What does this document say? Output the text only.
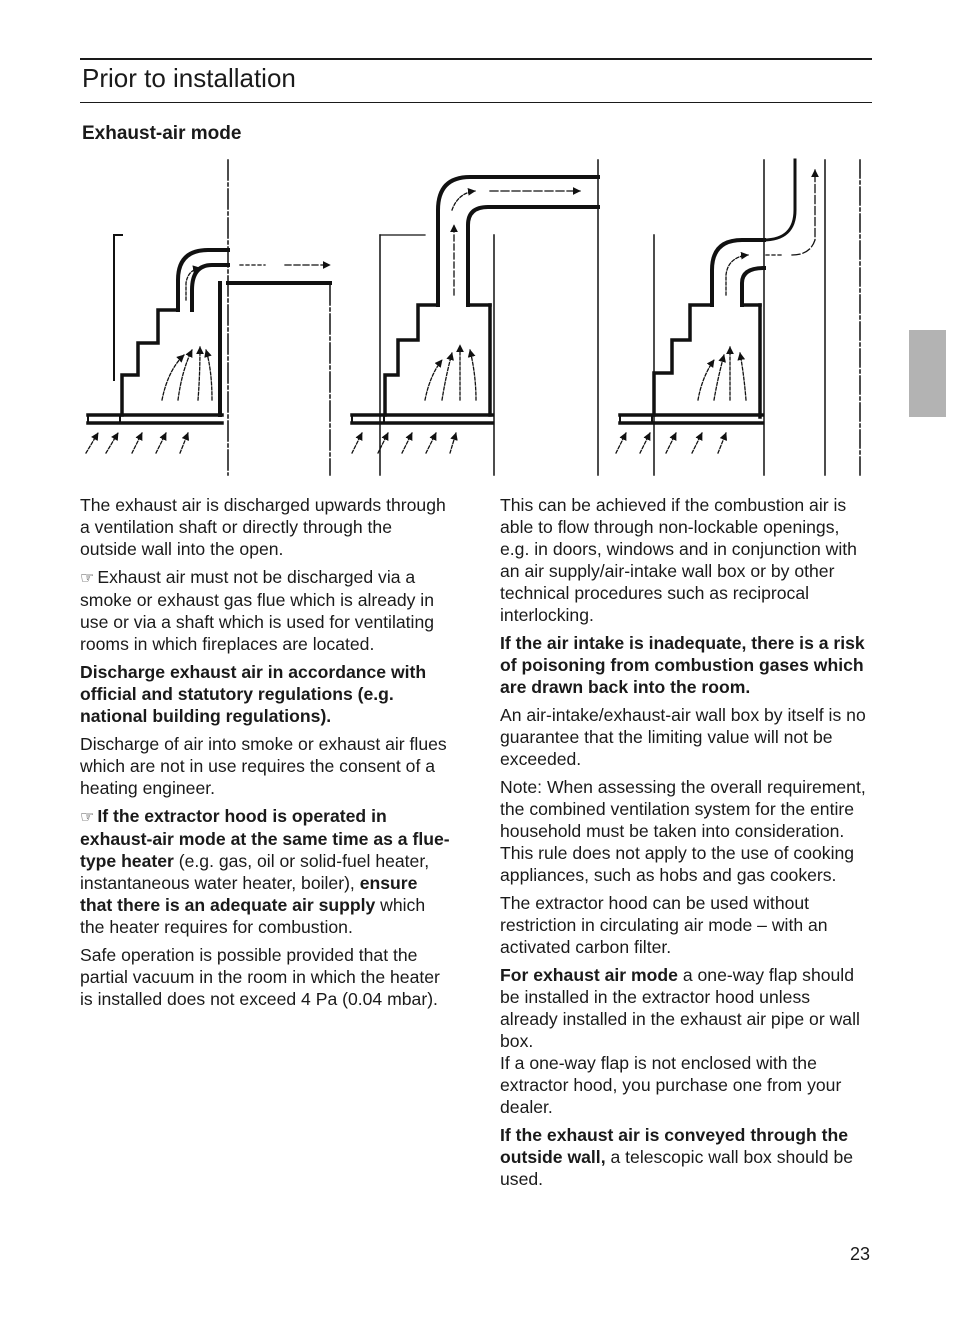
Prior to installation
Exhaust-air mode

The exhaust air is discharged upwards through a ventilation shaft or directly through the outside wall into the open.

☞ Exhaust air must not be discharged via a smoke or exhaust gas flue which is already in use or via a shaft which is used for ventilating rooms in which fireplaces are located.

Discharge exhaust air in accordance with official and statutory regulations (e.g. national building regulations).

Discharge of air into smoke or exhaust air flues which are not in use requires the consent of a heating engineer.

☞ If the extractor hood is operated in exhaust-air mode at the same time as a flue-type heater (e.g. gas, oil or solid-fuel heater, instantaneous water heater, boiler), ensure that there is an adequate air supply which the heater requires for combustion.

Safe operation is possible provided that the partial vacuum in the room in which the heater is installed does not exceed 4 Pa (0.04 mbar).

This can be achieved if the combustion air is able to flow through non-lockable openings, e.g. in doors, windows and in conjunction with an air supply/air-intake wall box or by other technical procedures such as reciprocal interlocking.

If the air intake is inadequate, there is a risk of poisoning from combustion gases which are drawn back into the room.

An air-intake/exhaust-air wall box by itself is no guarantee that the limiting value will not be exceeded.

Note: When assessing the overall requirement, the combined ventilation system for the entire household must be taken into consideration. This rule does not apply to the use of cooking appliances, such as hobs and gas cookers.

The extractor hood can be used without restriction in circulating air mode – with an activated carbon filter.

For exhaust air mode a one-way flap should be installed in the extractor hood unless already installed in the exhaust air pipe or wall box.

If a one-way flap is not enclosed with the extractor hood, you purchase one from your dealer.

If the exhaust air is conveyed through the outside wall, a telescopic wall box should be used.

23
